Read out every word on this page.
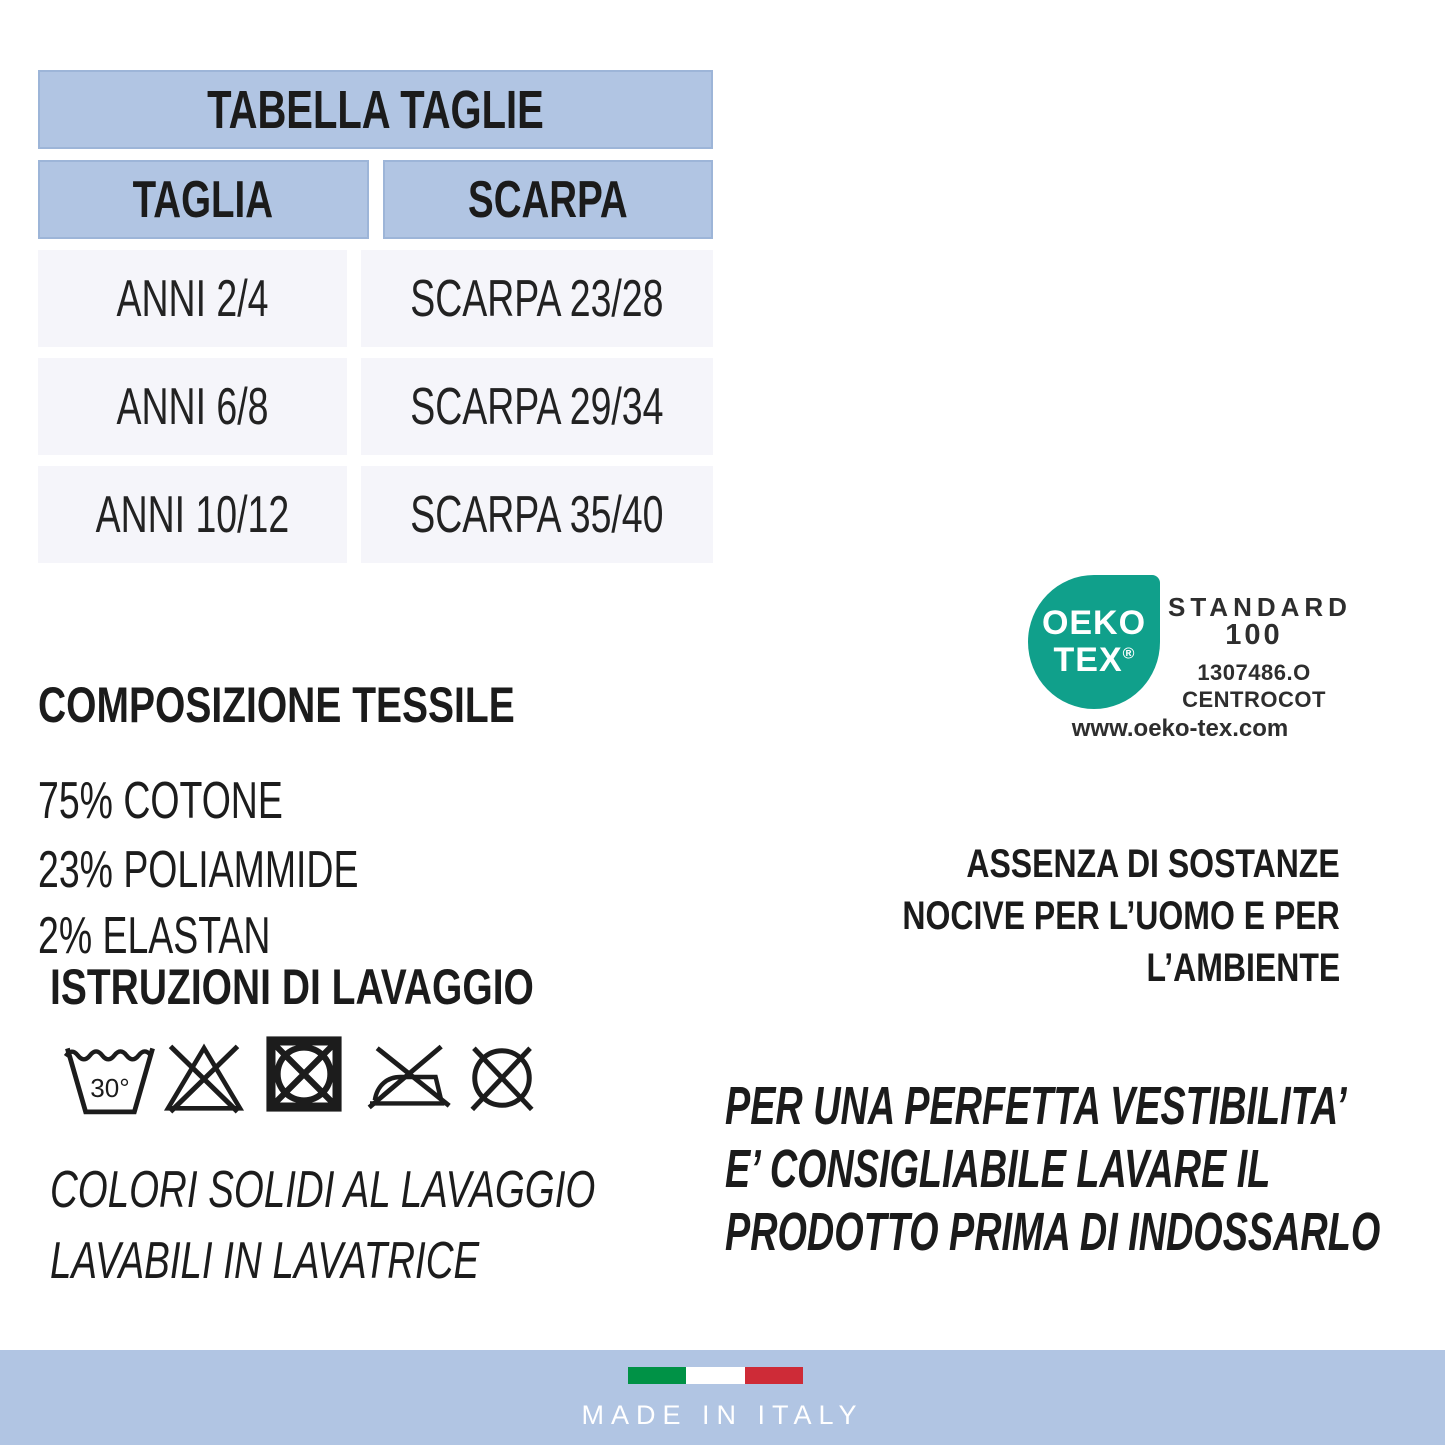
TABELLA TAGLIE
TAGLIA	SCARPA
ANNI 2/4	SCARPA 23/28
ANNI 6/8	SCARPA 29/34
ANNI 10/12 SCARPA 35/40
COMPOSIZIONE TESSILE
75% COTONE
23% POLIAMMIDE
2% ELASTAN
ISTRUZIONI DI LAVAGGIO
30°
COLORI SOLIDI AL LAVAGGIO
LAVABILI IN LAVATRICE
OEKO
TEX®
STANDARD
100
1307486.O
CENTROCOT
www.oeko-tex.com
ASSENZA DI SOSTANZE
NOCIVE PER L’UOMO E PER
L’AMBIENTE
PER UNA PERFETTA VESTIBILITA’
E’ CONSIGLIABILE LAVARE IL
PRODOTTO PRIMA DI INDOSSARLO
MADE IN ITALY
